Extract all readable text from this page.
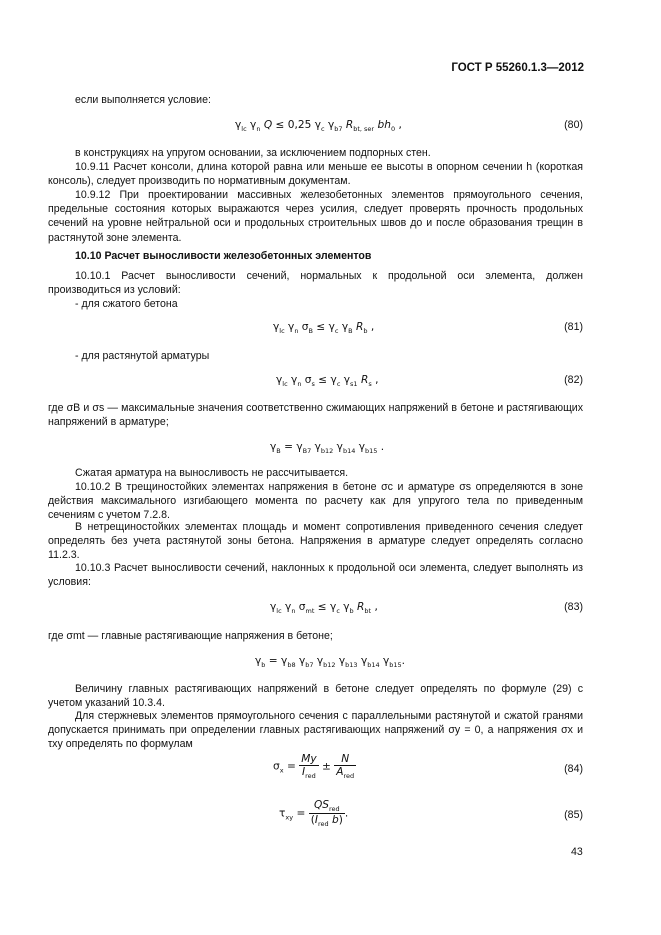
ГОСТ Р 55260.1.3—2012

если выполняется условие:

$\gamma_{lc}$ $\gamma_n$ Q ≤ 0,25 $\gamma_c$ $\gamma_{b7}$ $R_{bt, ser}$ $bh_0$ ,	(80)

в конструкциях на упругом основании, за исключением подпорных стен.

10.9.11 Расчет консоли, длина которой равна или меньше ее высоты в опорном сечении h (короткая консоль), следует производить по нормативным документам.

10.9.12 При проектировании массивных железобетонных элементов прямоугольного сечения, предельные состояния которых выражаются через усилия, следует проверять прочность продольных сечений на уровне нейтральной оси и продольных строительных швов до и после образования трещин в растянутой зоне элемента.

10.10 Расчет выносливости железобетонных элементов

10.10.1 Расчет выносливости сечений, нормальных к продольной оси элемента, должен производиться из условий:

- для сжатого бетона

$\gamma_{lc}$ $\gamma_n$ $\sigma_B \le \gamma_c$ $\gamma_B$ $R_b$ ,	(81)

- для растянутой арматуры

$\gamma_{lc}$ $\gamma_n$ $\sigma_s \le \gamma_c$ $\gamma_{s1}$ $R_s$ ,	(82)

где σB и σs — максимальные значения соответственно сжимающих напряжений в бетоне и растягивающих напряжений в арматуре;

$\gamma_B = \gamma_{B7}$ $\gamma_{b12}$ $\gamma_{b14}$ $\gamma_{b15}$ .

Сжатая арматура на выносливость не рассчитывается.

10.10.2 В трещиностойких элементах напряжения в бетоне σc и арматуре σs определяются в зоне действия максимального изгибающего момента по расчету как для упругого тела по приведенным сечениям с учетом 7.2.8.

В нетрещиностойких элементах площадь и момент сопротивления приведенного сечения следует определять без учета растянутой зоны бетона. Напряжения в арматуре следует определять согласно 11.2.3.

10.10.3 Расчет выносливости сечений, наклонных к продольной оси элемента, следует выполнять из условия:

$\gamma_{lc}$ $\gamma_n$ $\sigma_{mt} \le \gamma_c$ $\gamma_b$ $R_{bt}$ ,	(83)

где σmt — главные растягивающие напряжения в бетоне;

$\gamma_b = \gamma_{b8}$ $\gamma_{b7}$ $\gamma_{b12}$ $\gamma_{b13}$ $\gamma_{b14}$ $\gamma_{b15}$.

Величину главных растягивающих напряжений в бетоне следует определять по формуле (29) с учетом указаний 10.3.4.

Для стержневых элементов прямоугольного сечения с параллельными растянутой и сжатой гранями допускается принимать при определении главных растягивающих напряжений σy = 0, а напряжения σx и τxy определять по формулам

$\sigma_x = \frac{My}{I_{red}} \pm \frac{N}{A_{red}}$	(84)
$\tau_{xy} = \frac{QS_{red}}{(I_{red} b)}$ .	(85)
43
